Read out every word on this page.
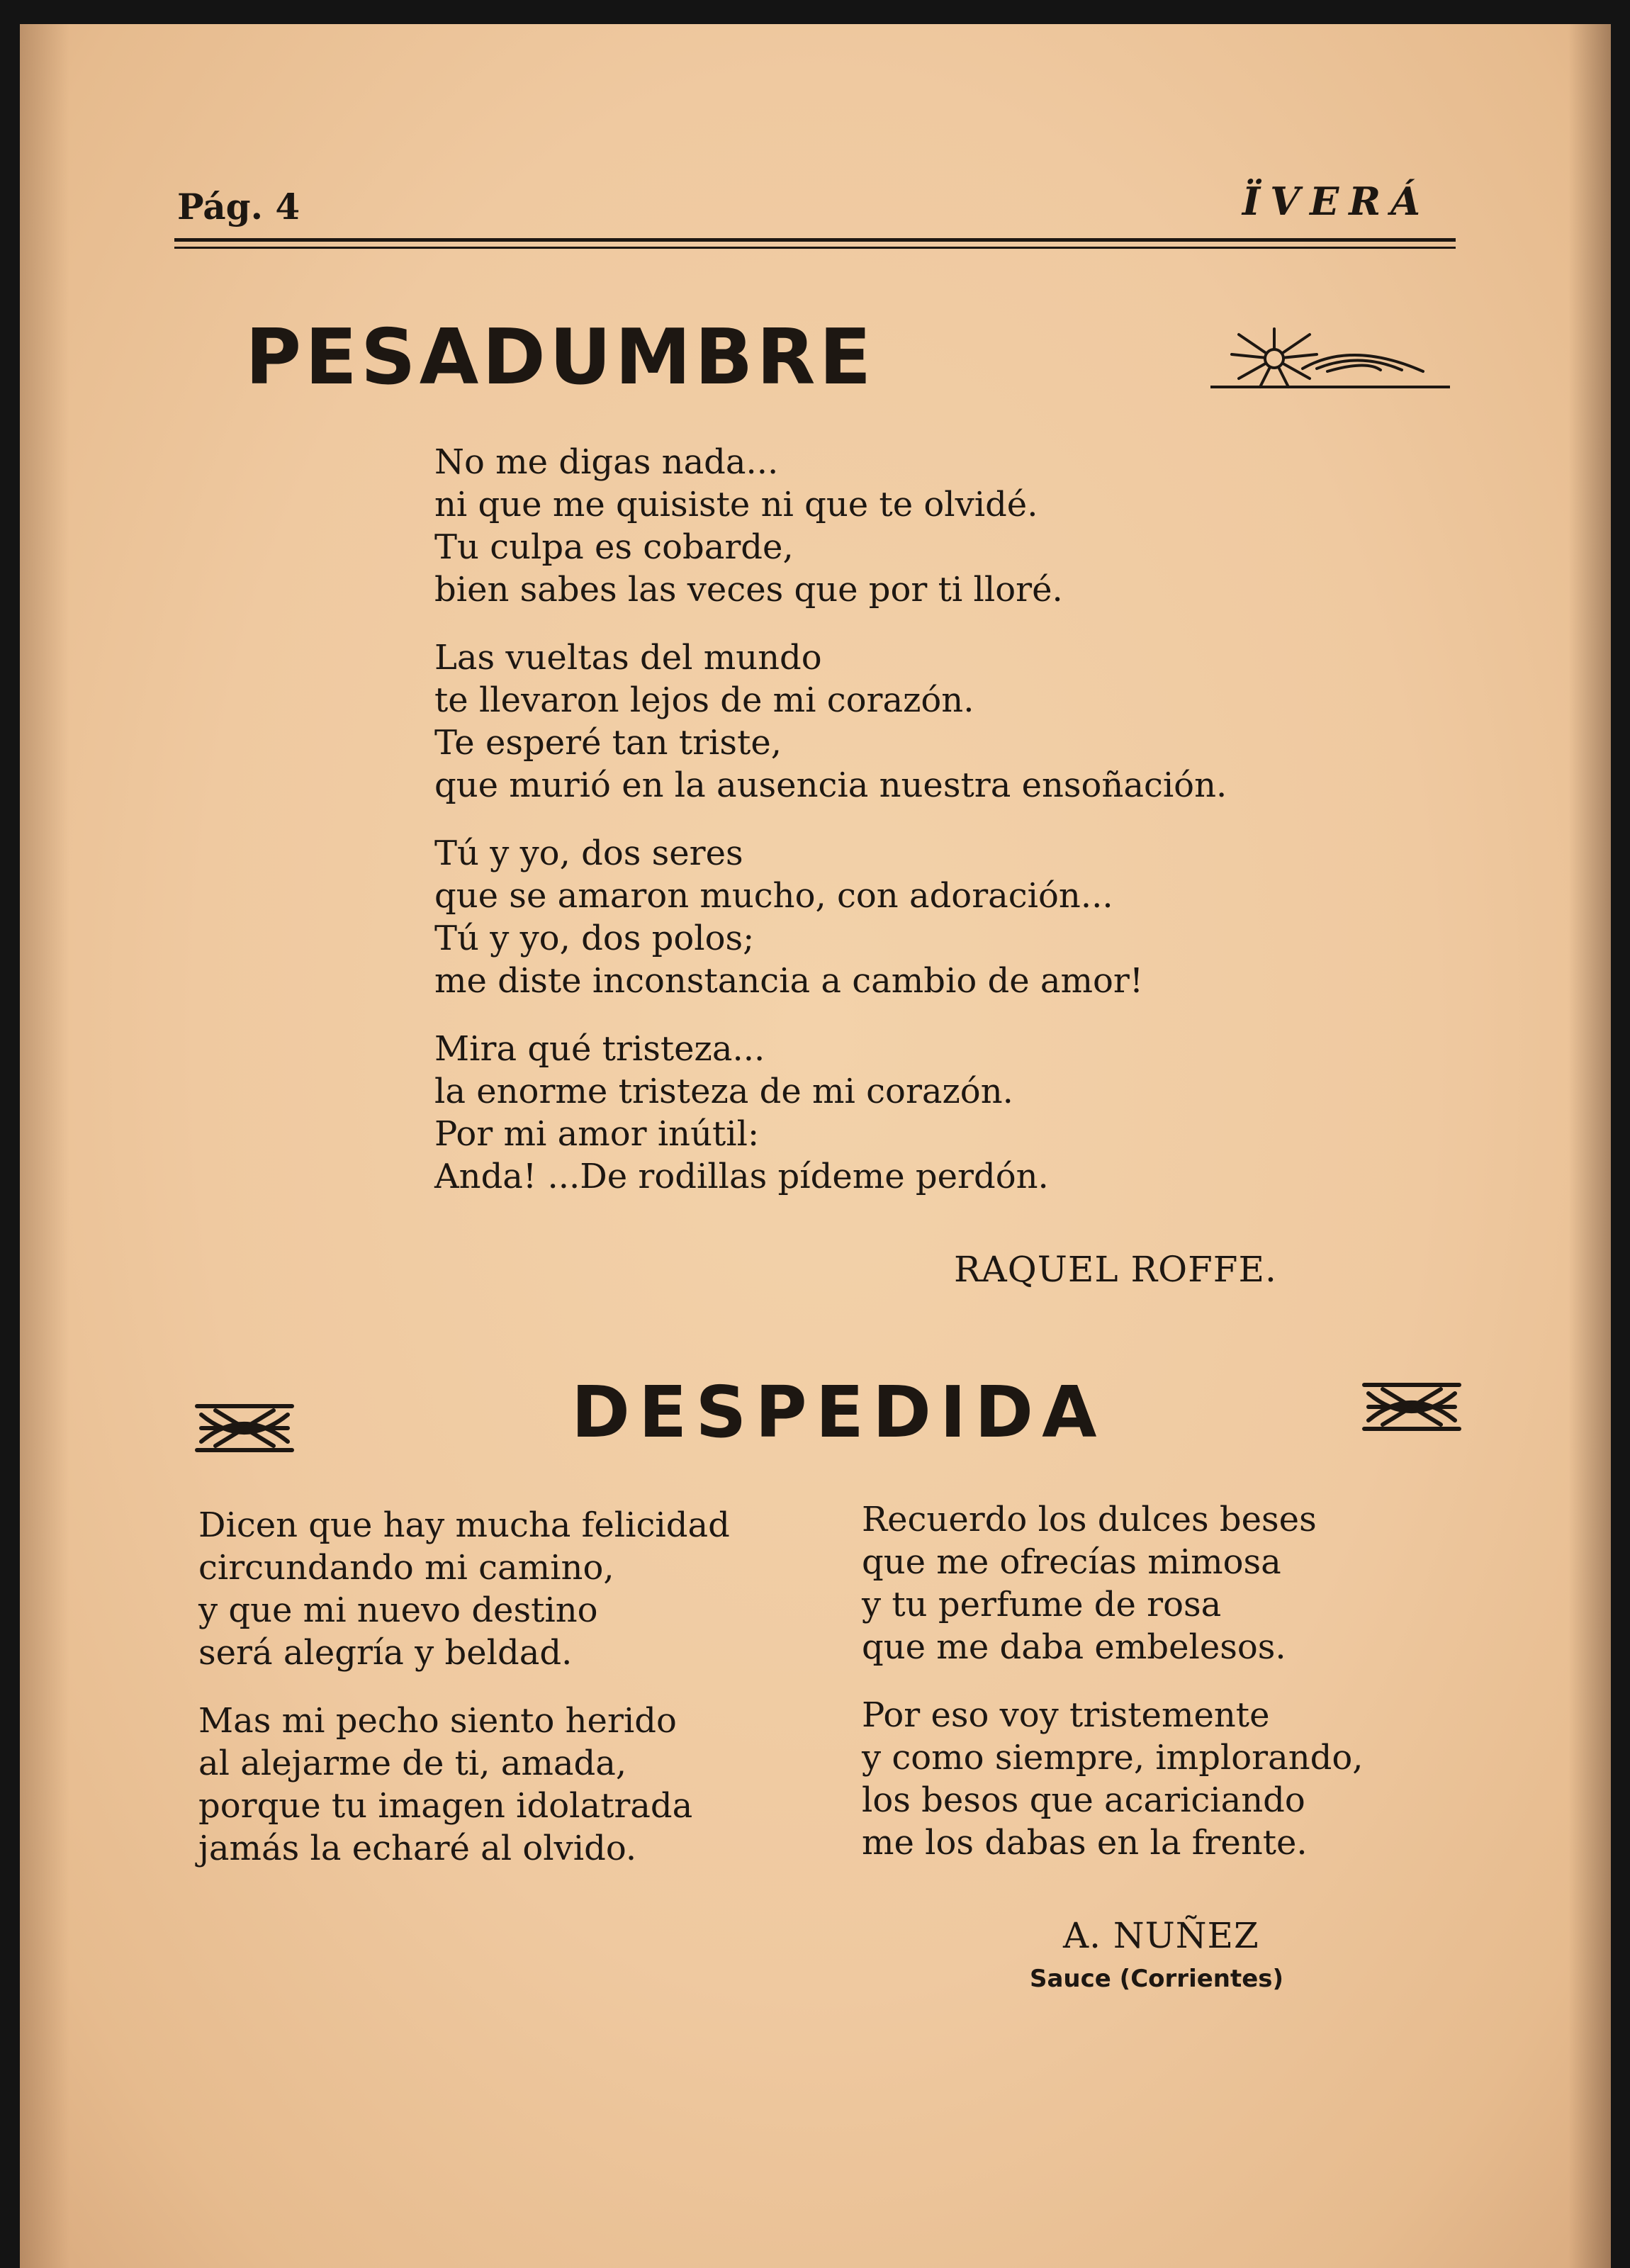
Pág. 4	ÏVERÁ
PESADUMBRE
No me digas nada...
ni que me quisiste ni que te olvidé.
Tu culpa es cobarde,
bien sabes las veces que por ti lloré.
Las vueltas del mundo
te llevaron lejos de mi corazón.
Te esperé tan triste,
que murió en la ausencia nuestra ensoñación.
Tú y yo, dos seres
que se amaron mucho, con adoración...
Tú y yo, dos polos;
me diste inconstancia a cambio de amor!
Mira qué tristeza...
la enorme tristeza de mi corazón.
Por mi amor inútil:
Anda! ...De rodillas pídeme perdón.
RAQUEL ROFFE.
DESPEDIDA
Dicen que hay mucha felicidad
circundando mi camino,
y que mi nuevo destino
será alegría y beldad.
Mas mi pecho siento herido
al alejarme de ti, amada,
porque tu imagen idolatrada
jamás la echaré al olvido.
Recuerdo los dulces beses
que me ofrecías mimosa
y tu perfume de rosa
que me daba embelesos.
Por eso voy tristemente
y como siempre, implorando,
los besos que acariciando
me los dabas en la frente.
A. NUÑEZ
Sauce (Corrientes)
